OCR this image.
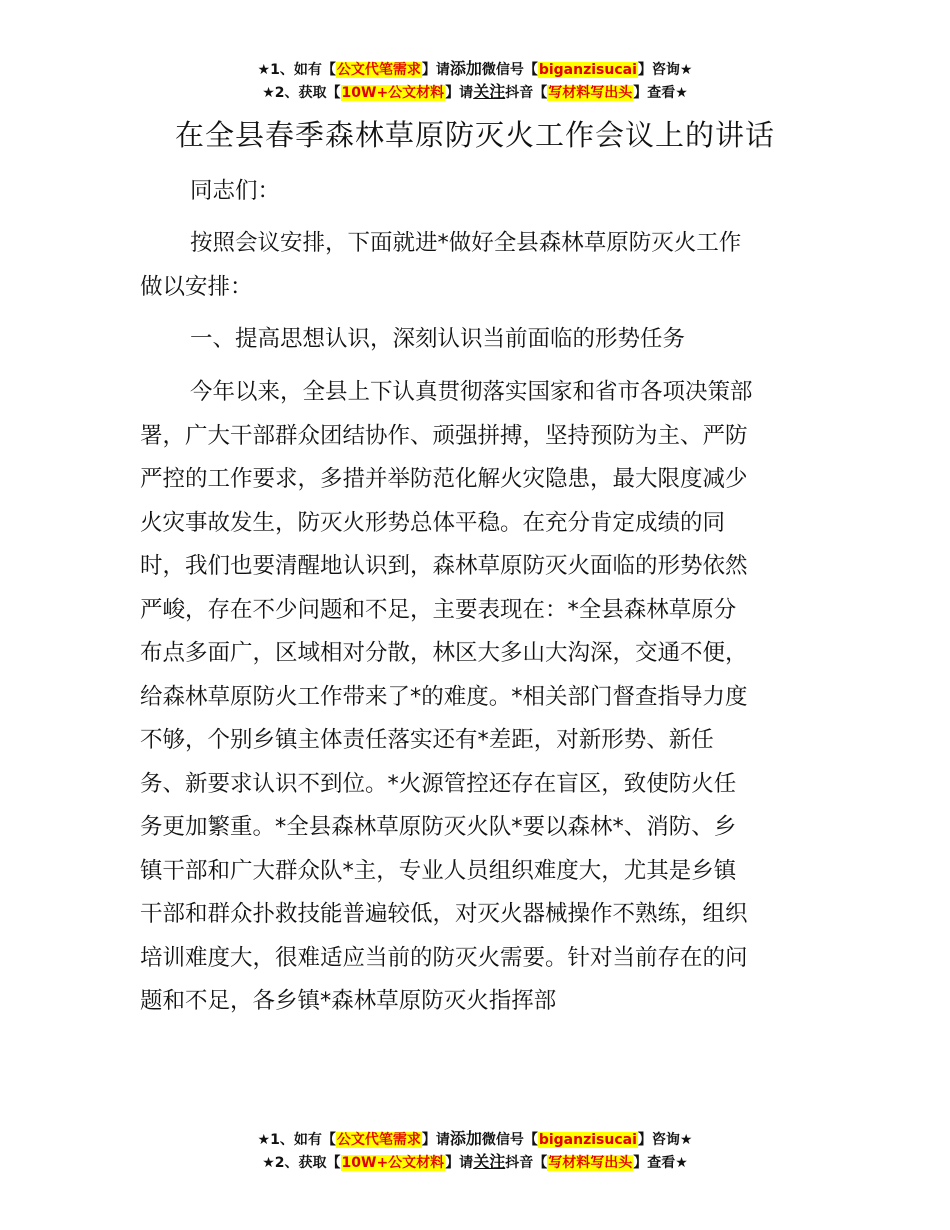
★1、如有【公文代笔需求】请添加微信号【biganzisucai】咨询★
★2、获取【10W+公文材料】请关注抖音【写材料写出头】查看★
在全县春季森林草原防灭火工作会议上的讲话

同志们：

按照会议安排，下面就进*做好全县森林草原防灭火工作

做以安排：

一、提高思想认识，深刻认识当前面临的形势任务

今年以来，全县上下认真贯彻落实国家和省市各项决策部

署，广大干部群众团结协作、顽强拼搏，坚持预防为主、严防

严控的工作要求，多措并举防范化解火灾隐患，最大限度减少

火灾事故发生，防灭火形势总体平稳。在充分肯定成绩的同

时，我们也要清醒地认识到，森林草原防灭火面临的形势依然

严峻，存在不少问题和不足，主要表现在：*全县森林草原分

布点多面广，区域相对分散，林区大多山大沟深，交通不便，

给森林草原防火工作带来了*的难度。*相关部门督查指导力度

不够，个别乡镇主体责任落实还有*差距，对新形势、新任

务、新要求认识不到位。*火源管控还存在盲区，致使防火任

务更加繁重。*全县森林草原防灭火队*要以森林*、消防、乡

镇干部和广大群众队*主，专业人员组织难度大，尤其是乡镇

干部和群众扑救技能普遍较低，对灭火器械操作不熟练，组织

培训难度大，很难适应当前的防灭火需要。针对当前存在的问

题和不足，各乡镇*森林草原防灭火指挥部

★1、如有【公文代笔需求】请添加微信号【biganzisucai】咨询★
★2、获取【10W+公文材料】请关注抖音【写材料写出头】查看★
